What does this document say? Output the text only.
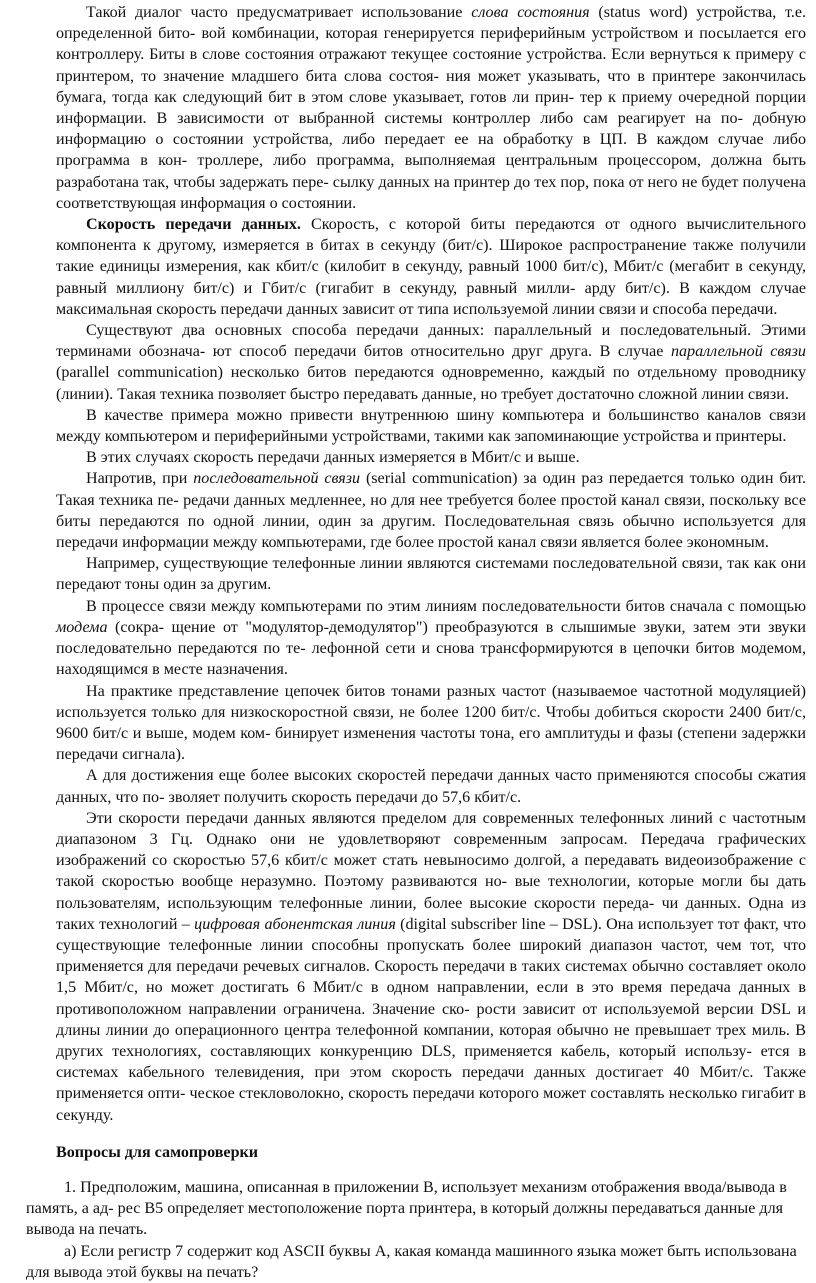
Такой диалог часто предусматривает использование слова состояния (status word) устройства, т.е. определенной бито- вой комбинации, которая генерируется периферийным устройством и посылается его контроллеру. Биты в слове состояния отражают текущее состояние устройства. Если вернуться к примеру с принтером, то значение младшего бита слова состоя- ния может указывать, что в принтере закончилась бумага, тогда как следующий бит в этом слове указывает, готов ли прин- тер к приему очередной порции информации. В зависимости от выбранной системы контроллер либо сам реагирует на по- добную информацию о состоянии устройства, либо передает ее на обработку в ЦП. В каждом случае либо программа в кон- троллере, либо программа, выполняемая центральным процессором, должна быть разработана так, чтобы задержать пере- сылку данных на принтер до тех пор, пока от него не будет получена соответствующая информация о состоянии.

Скорость передачи данных. Скорость, с которой биты передаются от одного вычислительного компонента к другому, измеряется в битах в секунду (бит/с). Широкое распространение также получили такие единицы измерения, как кбит/с (килобит в секунду, равный 1000 бит/с), Мбит/с (мегабит в секунду, равный миллиону бит/с) и Гбит/с (гигабит в секунду, равный милли- арду бит/с). В каждом случае максимальная скорость передачи данных зависит от типа используемой линии связи и способа передачи.

Существуют два основных способа передачи данных: параллельный и последовательный. Этими терминами обознача- ют способ передачи битов относительно друг друга. В случае параллельной связи (parallel communication) несколько битов передаются одновременно, каждый по отдельному проводнику (линии). Такая техника позволяет быстро передавать данные, но требует достаточно сложной линии связи.

В качестве примера можно привести внутреннюю шину компьютера и большинство каналов связи между компьютером и периферийными устройствами, такими как запоминающие устройства и принтеры.

В этих случаях скорость передачи данных измеряется в Мбит/с и выше.

Напротив, при последовательной связи (serial communication) за один раз передается только один бит. Такая техника пе- редачи данных медленнее, но для нее требуется более простой канал связи, поскольку все биты передаются по одной линии, один за другим. Последовательная связь обычно используется для передачи информации между компьютерами, где более простой канал связи является более экономным.

Например, существующие телефонные линии являются системами последовательной связи, так как они передают тоны один за другим.

В процессе связи между компьютерами по этим линиям последовательности битов сначала с помощью модема (сокра- щение от "модулятор-демодулятор") преобразуются в слышимые звуки, затем эти звуки последовательно передаются по те- лефонной сети и снова трансформируются в цепочки битов модемом, находящимся в месте назначения.

На практике представление цепочек битов тонами разных частот (называемое частотной модуляцией) используется только для низкоскоростной связи, не более 1200 бит/с. Чтобы добиться скорости 2400 бит/с, 9600 бит/с и выше, модем ком- бинирует изменения частоты тона, его амплитуды и фазы (степени задержки передачи сигнала).

А для достижения еще более высоких скоростей передачи данных часто применяются способы сжатия данных, что по- зволяет получить скорость передачи до 57,6 кбит/с.

Эти скорости передачи данных являются пределом для современных телефонных линий с частотным диапазоном 3 Гц. Однако они не удовлетворяют современным запросам. Передача графических изображений со скоростью 57,6 кбит/с может стать невыносимо долгой, а передавать видеоизображение с такой скоростью вообще неразумно. Поэтому развиваются но- вые технологии, которые могли бы дать пользователям, использующим телефонные линии, более высокие скорости переда- чи данных. Одна из таких технологий – цифровая абонентская линия (digital subscriber line – DSL). Она использует тот факт, что существующие телефонные линии способны пропускать более широкий диапазон частот, чем тот, что применяется для передачи речевых сигналов. Скорость передачи в таких системах обычно составляет около 1,5 Мбит/с, но может достигать 6 Мбит/с в одном направлении, если в это время передача данных в противоположном направлении ограничена. Значение ско- рости зависит от используемой версии DSL и длины линии до операционного центра телефонной компании, которая обычно не превышает трех миль. В других технологиях, составляющих конкуренцию DLS, применяется кабель, который использу- ется в системах кабельного телевидения, при этом скорость передачи данных достигает 40 Мбит/с. Также применяется опти- ческое стекловолокно, скорость передачи которого может составлять несколько гигабит в секунду.

Вопросы для самопроверки

1. Предположим, машина, описанная в приложении В, использует механизм отображения ввода/вывода в память, а ад- рес B5 определяет местоположение порта принтера, в который должны передаваться данные для вывода на печать.

а) Если регистр 7 содержит код ASCII буквы A, какая команда машинного языка может быть использована для вывода этой буквы на печать?
